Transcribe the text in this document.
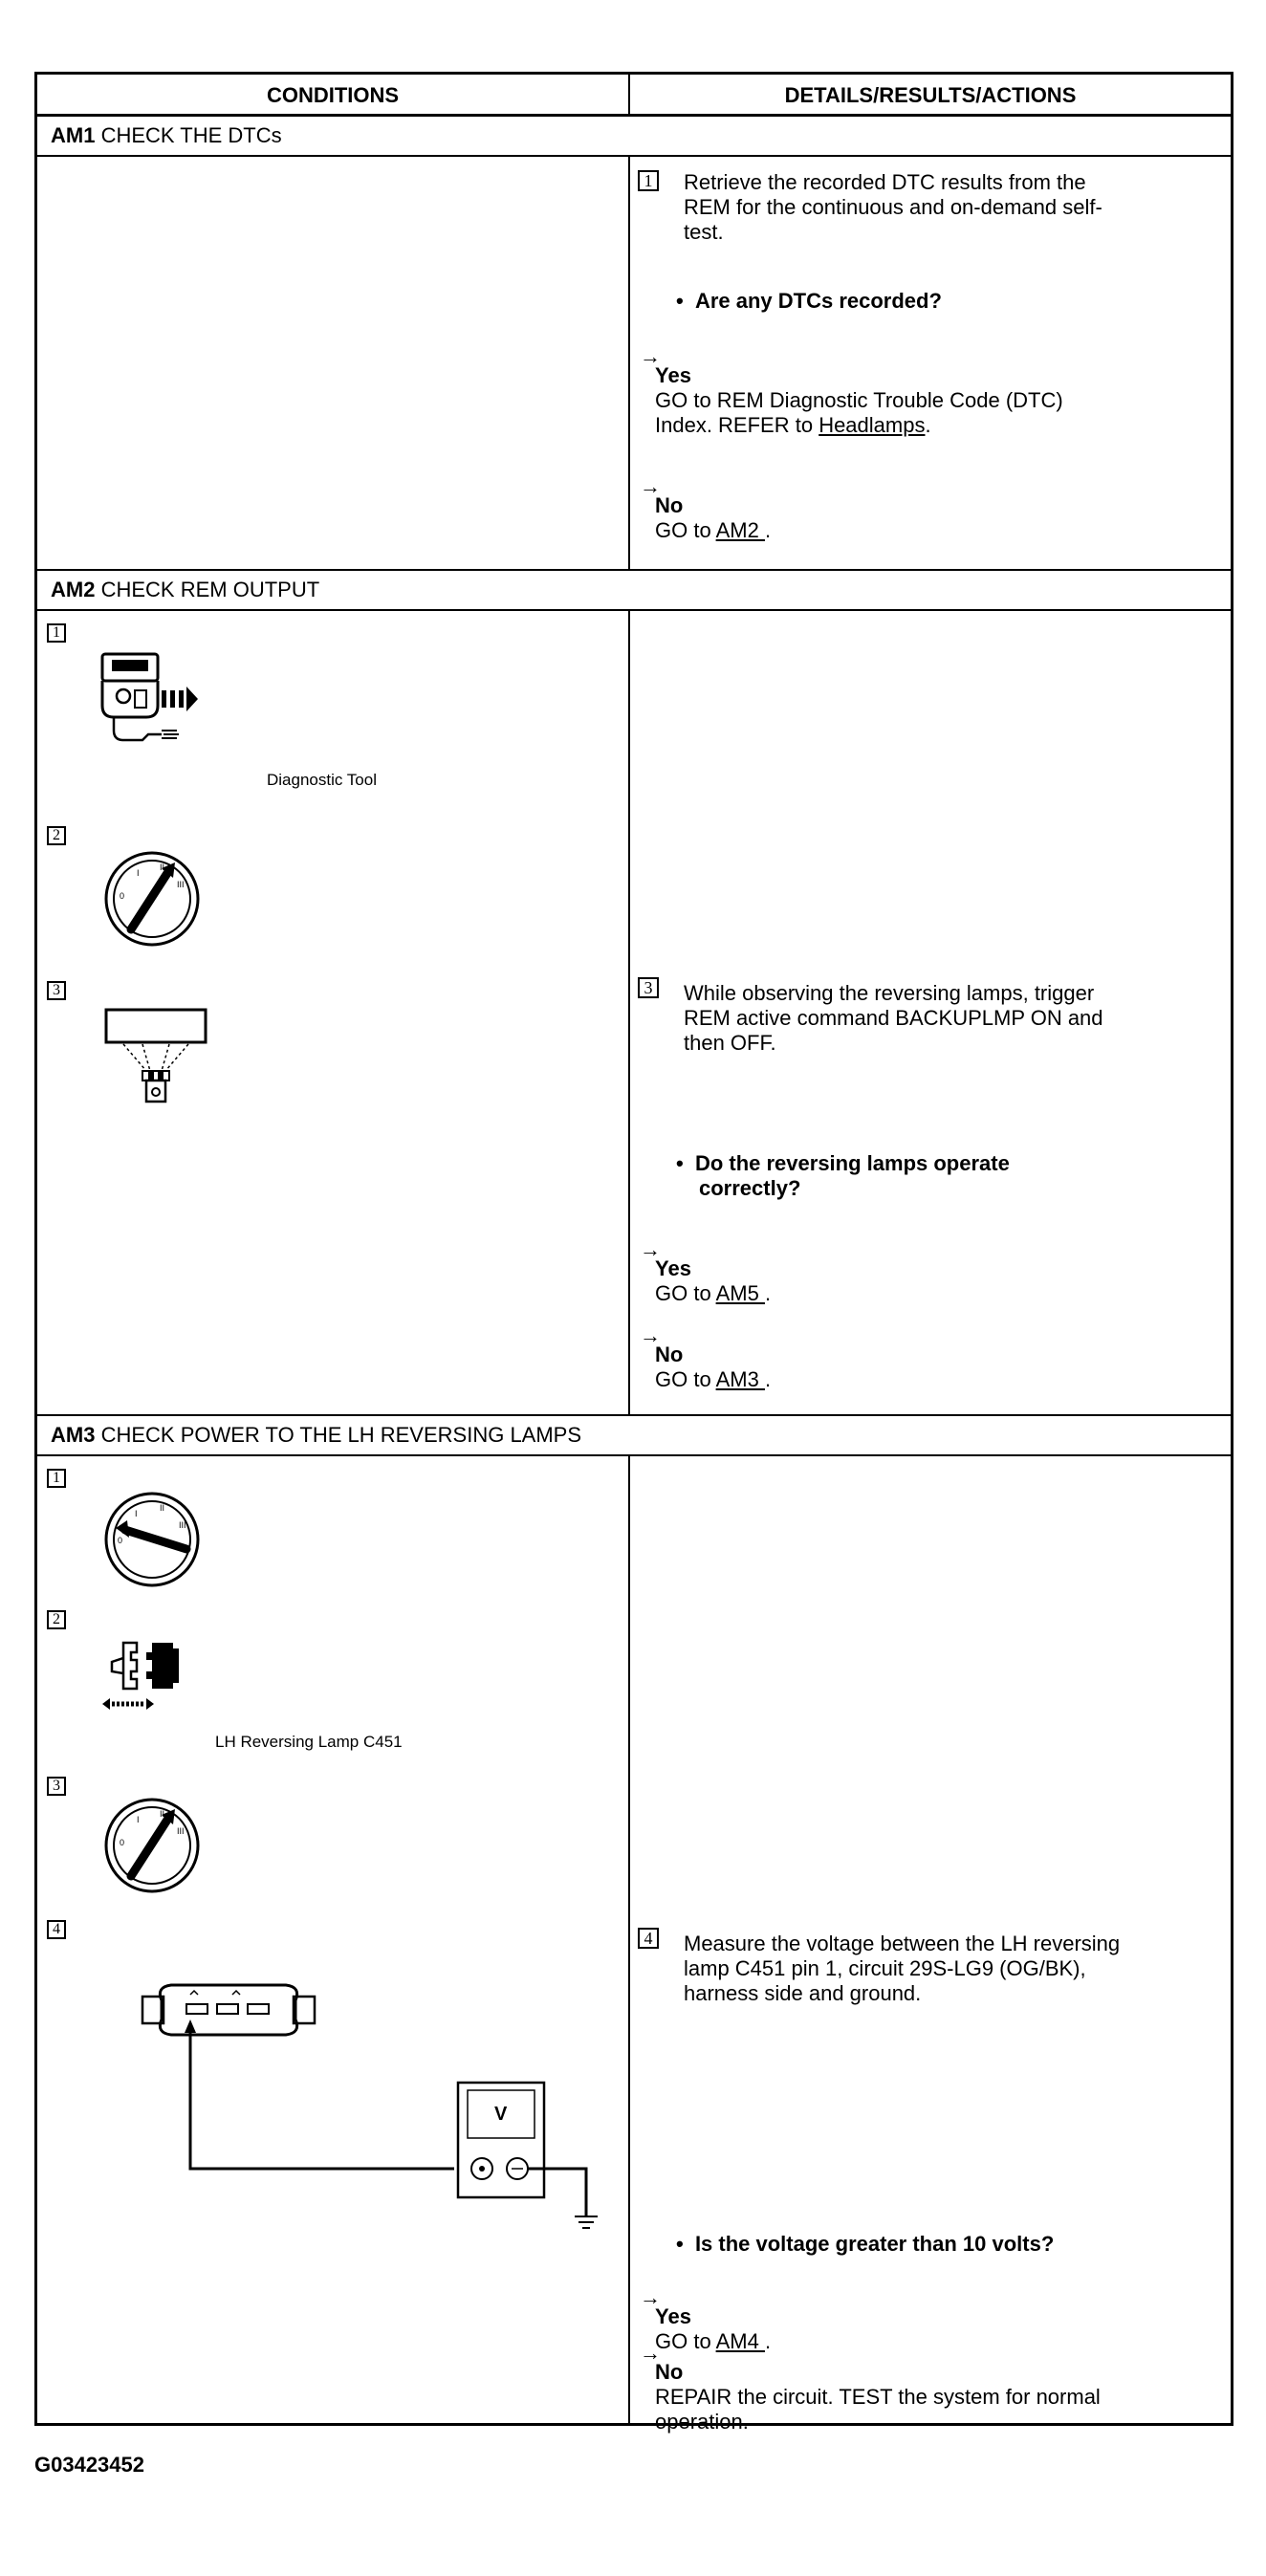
CONDITIONS	DETAILS/RESULTS/ACTIONS
AM1 CHECK THE DTCs
1 Retrieve the recorded DTC results from the
REM for the continuous and on-demand self-
test.
• Are any DTCs recorded?
→
Yes
GO to REM Diagnostic Trouble Code (DTC)
Index. REFER to Headlamps.
→
No
GO to AM2 .
AM2 CHECK REM OUTPUT
1
Diagnostic Tool
2
I
II
III
0
3	3 While observing the reversing lamps, trigger
REM active command BACKUPLMP ON and
then OFF.
• Do the reversing lamps operate
correctly?
→
Yes
GO to AM5 .
→
No
GO to AM3 .
AM3 CHECK POWER TO THE LH REVERSING LAMPS
1
I
II
III
0
2
LH Reversing Lamp C451
3
I
II
III
0
4
V
4 Measure the voltage between the LH reversing
lamp C451 pin 1, circuit 29S-LG9 (OG/BK),
harness side and ground.
• Is the voltage greater than 10 volts?
→
Yes
GO to AM4 .
→
No
REPAIR the circuit. TEST the system for normal
operation.
G03423452
